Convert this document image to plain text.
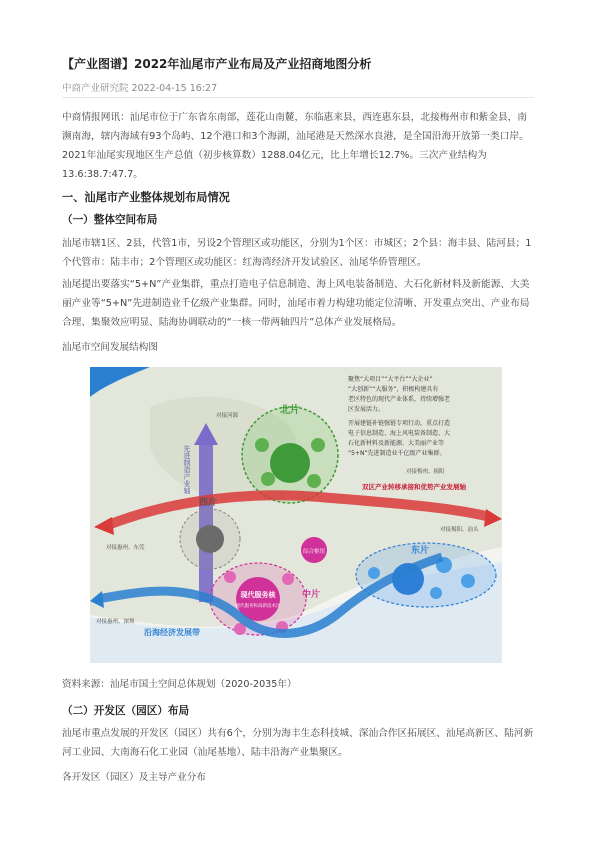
【产业图谱】2022年汕尾市产业布局及产业招商地图分析
中商产业研究院 2022-04-15 16:27
中商情报网讯：汕尾市位于广东省东南部，莲花山南麓，东临惠来县，西连惠东县，北接梅州市和紫金县，南濒南海，辖内海域有93个岛屿、12个港口和3个海湖，汕尾港是天然深水良港，是全国沿海开放第一类口岸。2021年汕尾实现地区生产总值（初步核算数）1288.04亿元，比上年增长12.7%。三次产业结构为13.6:38.7:47.7。
一、汕尾市产业整体规划布局情况
（一）整体空间布局
汕尾市辖1区、2县，代管1市，另设2个管理区或功能区，分别为1个区：市城区；2个县：海丰县、陆河县；1个代管市：陆丰市；2个管理区或功能区：红海湾经济开发试验区、汕尾华侨管理区。
汕尾提出要落实“5+N”产业集群，重点打造电子信息制造、海上风电装备制造、大石化新材料及新能源、大美丽产业等“5+N”先进制造业千亿级产业集群。同时，汕尾市着力构建功能定位清晰、开发重点突出、产业布局合理、集聚效应明显、陆海协调联动的“一核一带两轴四片”总体产业发展格局。
汕尾市空间发展结构图
北片
先进制造产业轴
对接河源
双区产业转移承接和优势产业发展轴
对接惠州、东莞
对接梅州、揭阳
对接揭阳、汕头
西片
综合枢纽	东片
现代服务核
现代服务和高新技术区
中片
沿海经济发展带
对接惠州、深圳
聚焦“大项目”“大平台”“大企业”
“大创新”“大服务”，积极构建具有
老区特色的现代产业体系，持续增强老
区发展活力。
开展建链补链强链专项行动，重点打造
电子信息制造、海上风电装备制造、大
石化新材料及新能源、大美丽产业等
“5+N”先进制造业千亿级产业集群。
资料来源：汕尾市国土空间总体规划（2020-2035年）
（二）开发区（园区）布局
汕尾市重点发展的开发区（园区）共有6个，分别为海丰生态科技城、深汕合作区拓展区、汕尾高新区、陆河新河工业园、大南海石化工业园（汕尾基地）、陆丰沿海产业集聚区。
各开发区（园区）及主导产业分布
